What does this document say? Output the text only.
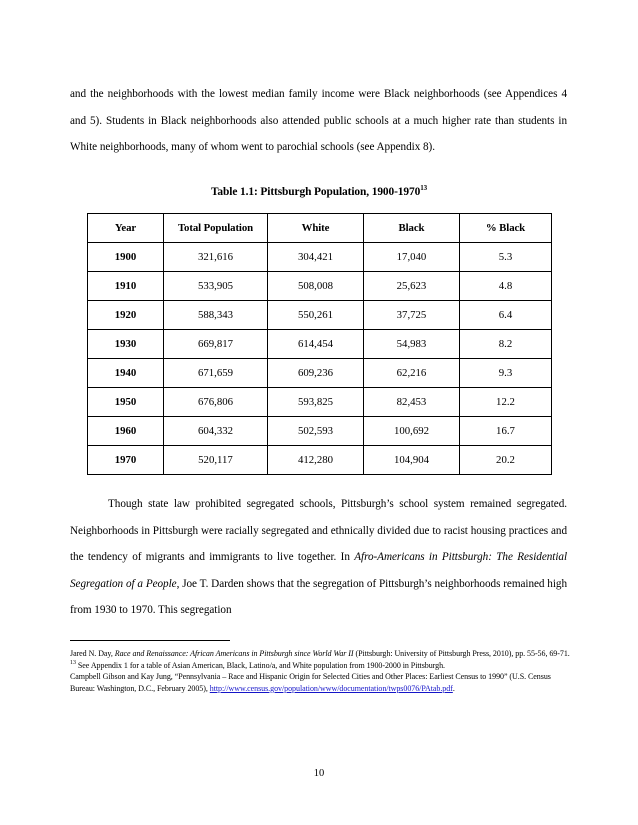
and the neighborhoods with the lowest median family income were Black neighborhoods (see Appendices 4 and 5). Students in Black neighborhoods also attended public schools at a much higher rate than students in White neighborhoods, many of whom went to parochial schools (see Appendix 8).

Table 1.1: Pittsburgh Population, 1900-1970$^{13}$
Year	Total Population	White	Black	% Black
1900	321,616	304,421	17,040	5.3
1910	533,905	508,008	25,623	4.8
1920	588,343	550,261	37,725	6.4
1930	669,817	614,454	54,983	8.2
1940	671,659	609,236	62,216	9.3
1950	676,806	593,825	82,453	12.2
1960	604,332	502,593	100,692	16.7
1970	520,117	412,280	104,904	20.2

Though state law prohibited segregated schools, Pittsburgh’s school system remained segregated. Neighborhoods in Pittsburgh were racially segregated and ethnically divided due to racist housing practices and the tendency of migrants and immigrants to live together. In Afro-Americans in Pittsburgh: The Residential Segregation of a People, Joe T. Darden shows that the segregation of Pittsburgh’s neighborhoods remained high from 1930 to 1970. This segregation

Jared N. Day, Race and Renaissance: African Americans in Pittsburgh since World War II (Pittsburgh: University of Pittsburgh Press, 2010), pp. 55-56, 69-71.

$^{13}$ See Appendix 1 for a table of Asian American, Black, Latino/a, and White population from 1900-2000 in Pittsburgh.

Campbell Gibson and Kay Jung, “Pennsylvania – Race and Hispanic Origin for Selected Cities and Other Places: Earliest Census to 1990” (U.S. Census Bureau: Washington, D.C., February 2005), http://www.census.gov/population/www/documentation/twps0076/PAtab.pdf.

10
